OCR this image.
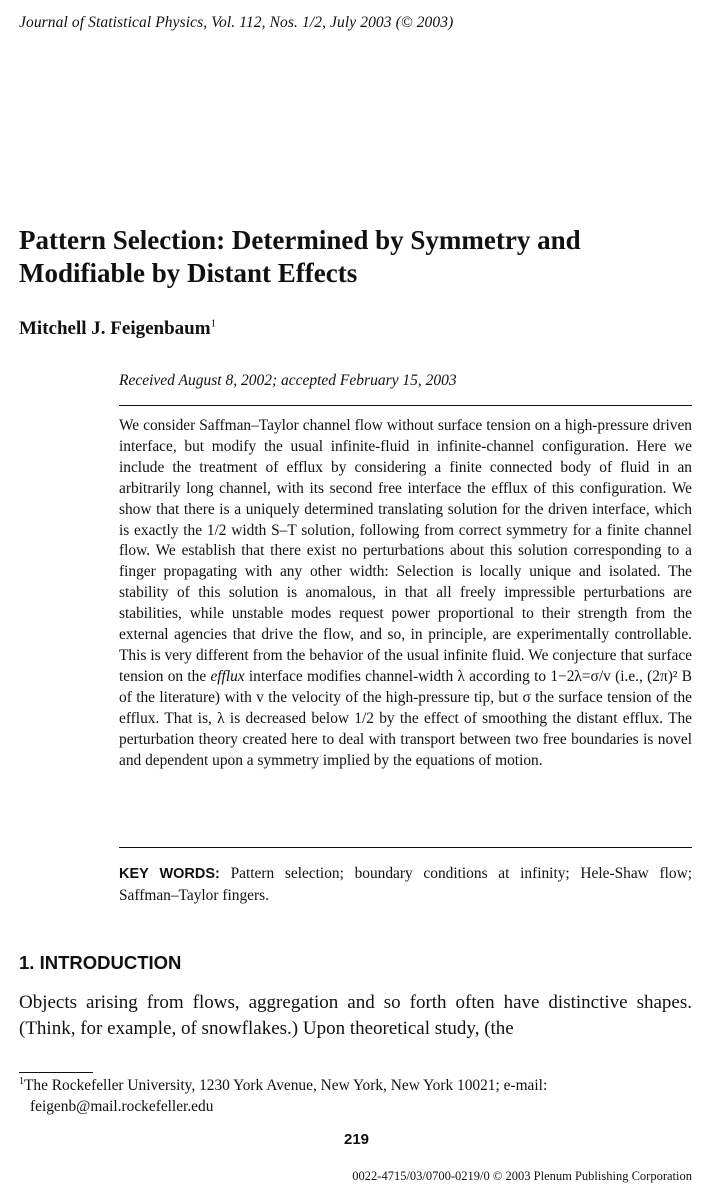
Journal of Statistical Physics, Vol. 112, Nos. 1/2, July 2003 (© 2003)
Pattern Selection: Determined by Symmetry and Modifiable by Distant Effects
Mitchell J. Feigenbaum$^1$
Received August 8, 2002; accepted February 15, 2003

We consider Saffman–Taylor channel flow without surface tension on a high-pressure driven interface, but modify the usual infinite-fluid in infinite-channel configuration. Here we include the treatment of efflux by considering a finite connected body of fluid in an arbitrarily long channel, with its second free interface the efflux of this configuration. We show that there is a uniquely determined translating solution for the driven interface, which is exactly the 1/2 width S–T solution, following from correct symmetry for a finite channel flow. We establish that there exist no perturbations about this solution corresponding to a finger propagating with any other width: Selection is locally unique and isolated. The stability of this solution is anomalous, in that all freely impressible perturbations are stabilities, while unstable modes request power proportional to their strength from the external agencies that drive the flow, and so, in principle, are experimentally controllable. This is very different from the behavior of the usual infinite fluid. We conjecture that surface tension on the efflux interface modifies channel-width λ according to 1−2λ=σ/v (i.e., (2π)² B of the literature) with v the velocity of the high-pressure tip, but σ the surface tension of the efflux. That is, λ is decreased below 1/2 by the effect of smoothing the distant efflux. The perturbation theory created here to deal with transport between two free boundaries is novel and dependent upon a symmetry implied by the equations of motion.

KEY WORDS: Pattern selection; boundary conditions at infinity; Hele-Shaw flow; Saffman–Taylor fingers.

1. INTRODUCTION

Objects arising from flows, aggregation and so forth often have distinctive shapes. (Think, for example, of snowflakes.) Upon theoretical study, (the

$^1$The Rockefeller University, 1230 York Avenue, New York, New York 10021; e-mail:
feigenb@mail.rockefeller.edu

219
0022-4715/03/0700-0219/0 © 2003 Plenum Publishing Corporation
